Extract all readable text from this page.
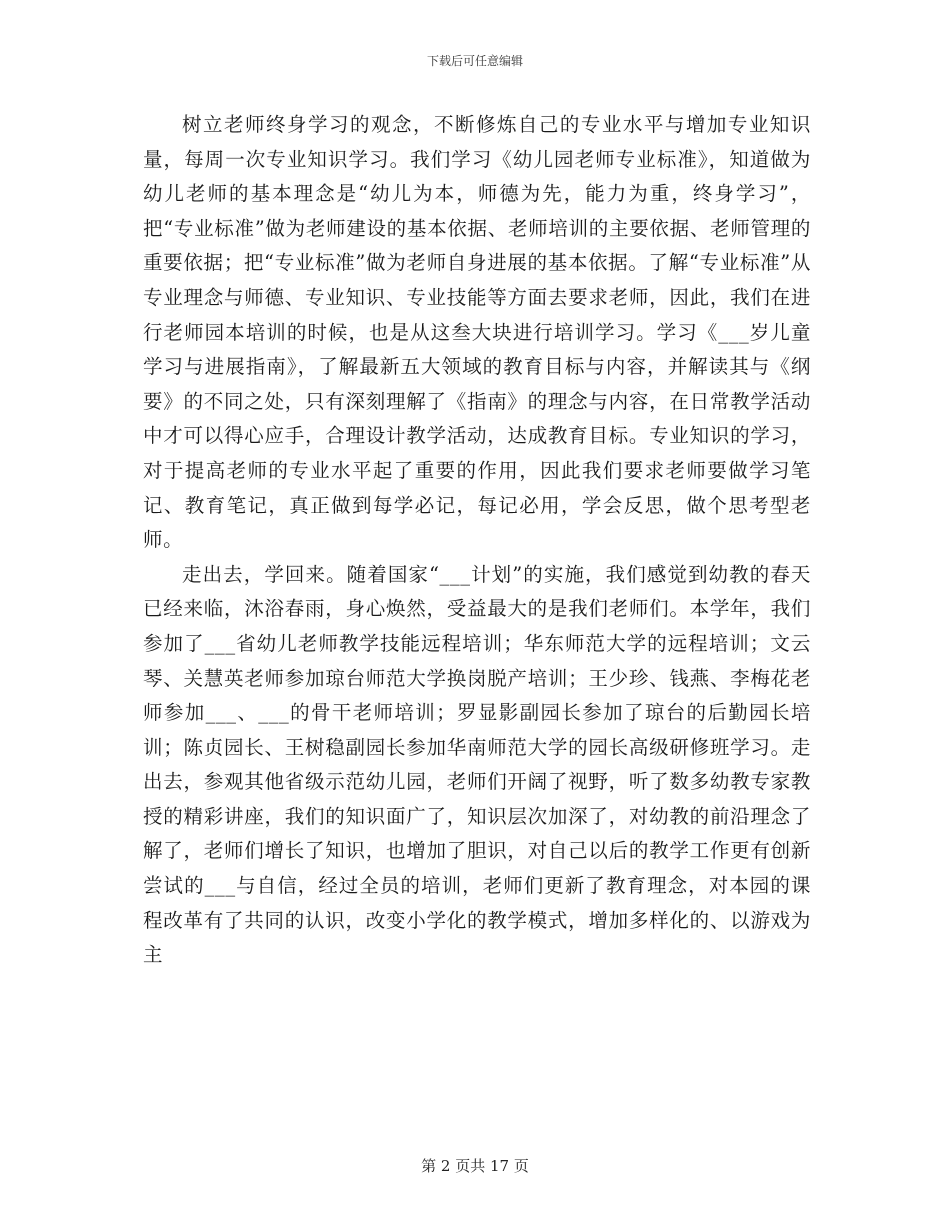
下载后可任意编辑

树立老师终身学习的观念，不断修炼自己的专业水平与增加专业知识量，每周一次专业知识学习。我们学习《幼儿园老师专业标准》，知道做为幼儿老师的基本理念是“幼儿为本，师德为先，能力为重，终身学习”，把“专业标准”做为老师建设的基本依据、老师培训的主要依据、老师管理的重要依据；把“专业标准”做为老师自身进展的基本依据。了解“专业标准”从专业理念与师德、专业知识、专业技能等方面去要求老师，因此，我们在进行老师园本培训的时候，也是从这叁大块进行培训学习。学习《___岁儿童学习与进展指南》，了解最新五大领域的教育目标与内容，并解读其与《纲要》的不同之处，只有深刻理解了《指南》的理念与内容，在日常教学活动中才可以得心应手，合理设计教学活动，达成教育目标。专业知识的学习，对于提高老师的专业水平起了重要的作用，因此我们要求老师要做学习笔记、教育笔记，真正做到每学必记，每记必用，学会反思，做个思考型老师。

走出去，学回来。随着国家“___计划”的实施，我们感觉到幼教的春天已经来临，沐浴春雨，身心焕然，受益最大的是我们老师们。本学年，我们参加了___省幼儿老师教学技能远程培训；华东师范大学的远程培训；文云琴、关慧英老师参加琼台师范大学换岗脱产培训；王少珍、钱燕、李梅花老师参加___、___的骨干老师培训；罗显影副园长参加了琼台的后勤园长培训；陈贞园长、王树稳副园长参加华南师范大学的园长高级研修班学习。走出去，参观其他省级示范幼儿园，老师们开阔了视野，听了数多幼教专家教授的精彩讲座，我们的知识面广了，知识层次加深了，对幼教的前沿理念了解了，老师们增长了知识，也增加了胆识，对自己以后的教学工作更有创新尝试的___与自信，经过全员的培训，老师们更新了教育理念，对本园的课程改革有了共同的认识，改变小学化的教学模式，增加多样化的、以游戏为主

第 2 页共 17 页
